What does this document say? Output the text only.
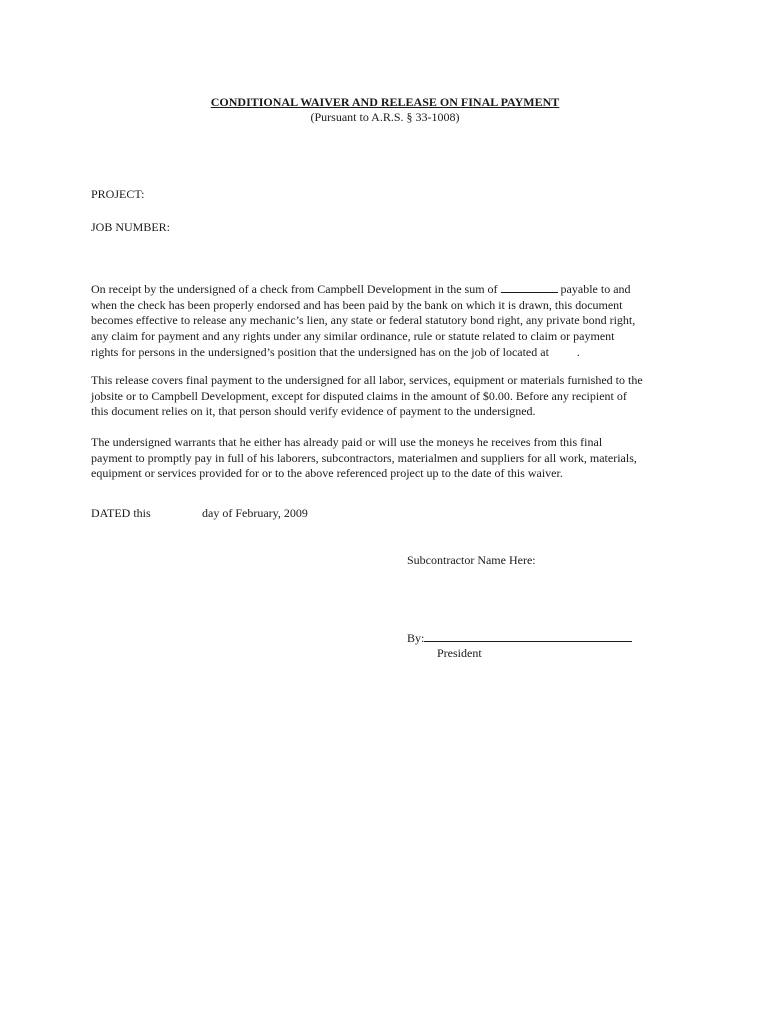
CONDITIONAL WAIVER AND RELEASE ON FINAL PAYMENT
(Pursuant to A.R.S. § 33-1008)
PROJECT:
JOB NUMBER:
On receipt by the undersigned of a check from Campbell Development in the sum of	payable to and
when the check has been properly endorsed and has been paid by the bank on which it is drawn, this document
becomes effective to release any mechanic’s lien, any state or federal statutory bond right, any private bond right,
any claim for payment and any rights under any similar ordinance, rule or statute related to claim or payment
rights for persons in the undersigned’s position that the undersigned has on the job of located at .
This release covers final payment to the undersigned for all labor, services, equipment or materials furnished to the
jobsite or to Campbell Development, except for disputed claims in the amount of $0.00. Before any recipient of
this document relies on it, that person should verify evidence of payment to the undersigned.
The undersigned warrants that he either has already paid or will use the moneys he receives from this final
payment to promptly pay in full of his laborers, subcontractors, materialmen and suppliers for all work, materials,
equipment or services provided for or to the above referenced project up to the date of this waiver.
DATED this	day of February, 2009
Subcontractor Name Here:
By:
President
